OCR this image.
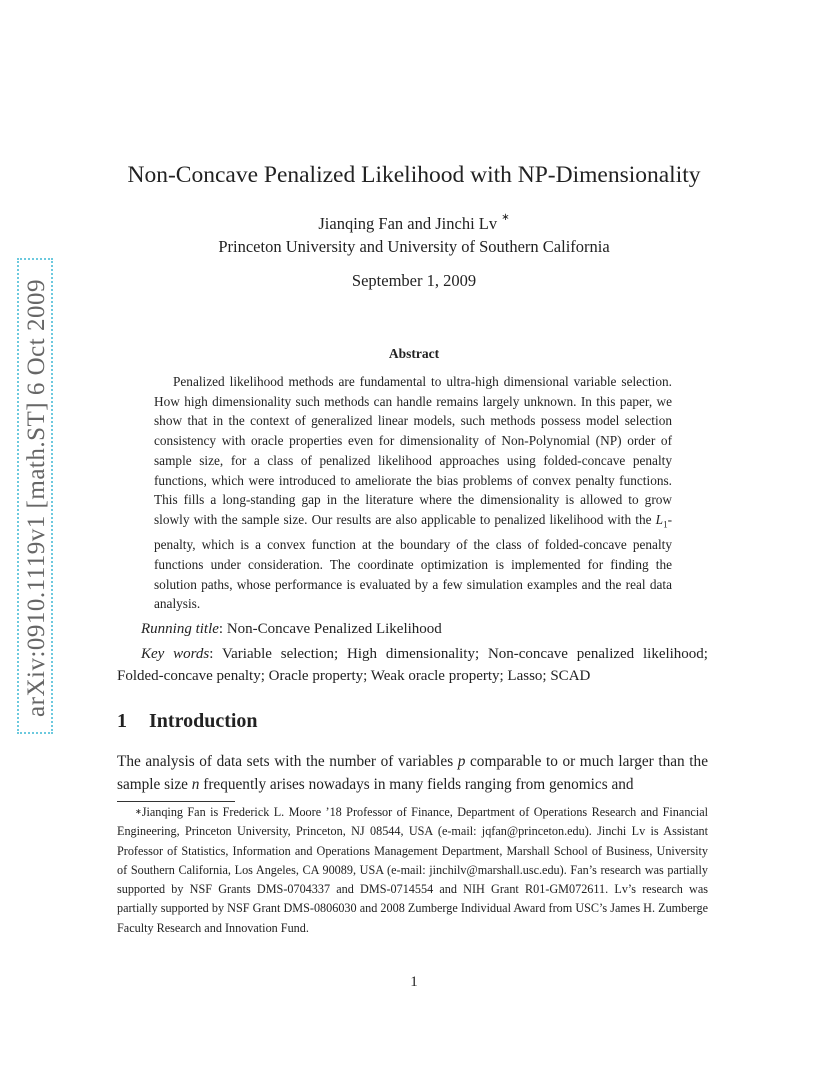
arXiv:0910.1119v1 [math.ST] 6 Oct 2009
Non-Concave Penalized Likelihood with NP-Dimensionality
Jianqing Fan and Jinchi Lv ∗
Princeton University and University of Southern California
September 1, 2009
Abstract
Penalized likelihood methods are fundamental to ultra-high dimensional variable selection. How high dimensionality such methods can handle remains largely unknown. In this paper, we show that in the context of generalized linear models, such methods possess model selection consistency with oracle properties even for dimensionality of Non-Polynomial (NP) order of sample size, for a class of penalized likelihood approaches using folded-concave penalty functions, which were introduced to ameliorate the bias problems of convex penalty functions. This fills a long-standing gap in the literature where the dimensionality is allowed to grow slowly with the sample size. Our results are also applicable to penalized likelihood with the $L_1$-penalty, which is a convex function at the boundary of the class of folded-concave penalty functions under consideration. The coordinate optimization is implemented for finding the solution paths, whose performance is evaluated by a few simulation examples and the real data analysis.
Running title: Non-Concave Penalized Likelihood
Key words: Variable selection; High dimensionality; Non-concave penalized likelihood; Folded-concave penalty; Oracle property; Weak oracle property; Lasso; SCAD
1 Introduction
The analysis of data sets with the number of variables p comparable to or much larger than the sample size n frequently arises nowadays in many fields ranging from genomics and
∗Jianqing Fan is Frederick L. Moore ’18 Professor of Finance, Department of Operations Research and Financial Engineering, Princeton University, Princeton, NJ 08544, USA (e-mail: jqfan@princeton.edu). Jinchi Lv is Assistant Professor of Statistics, Information and Operations Management Department, Marshall School of Business, University of Southern California, Los Angeles, CA 90089, USA (e-mail: jinchilv@marshall.usc.edu). Fan’s research was partially supported by NSF Grants DMS-0704337 and DMS-0714554 and NIH Grant R01-GM072611. Lv’s research was partially supported by NSF Grant DMS-0806030 and 2008 Zumberge Individual Award from USC’s James H. Zumberge Faculty Research and Innovation Fund.
1
